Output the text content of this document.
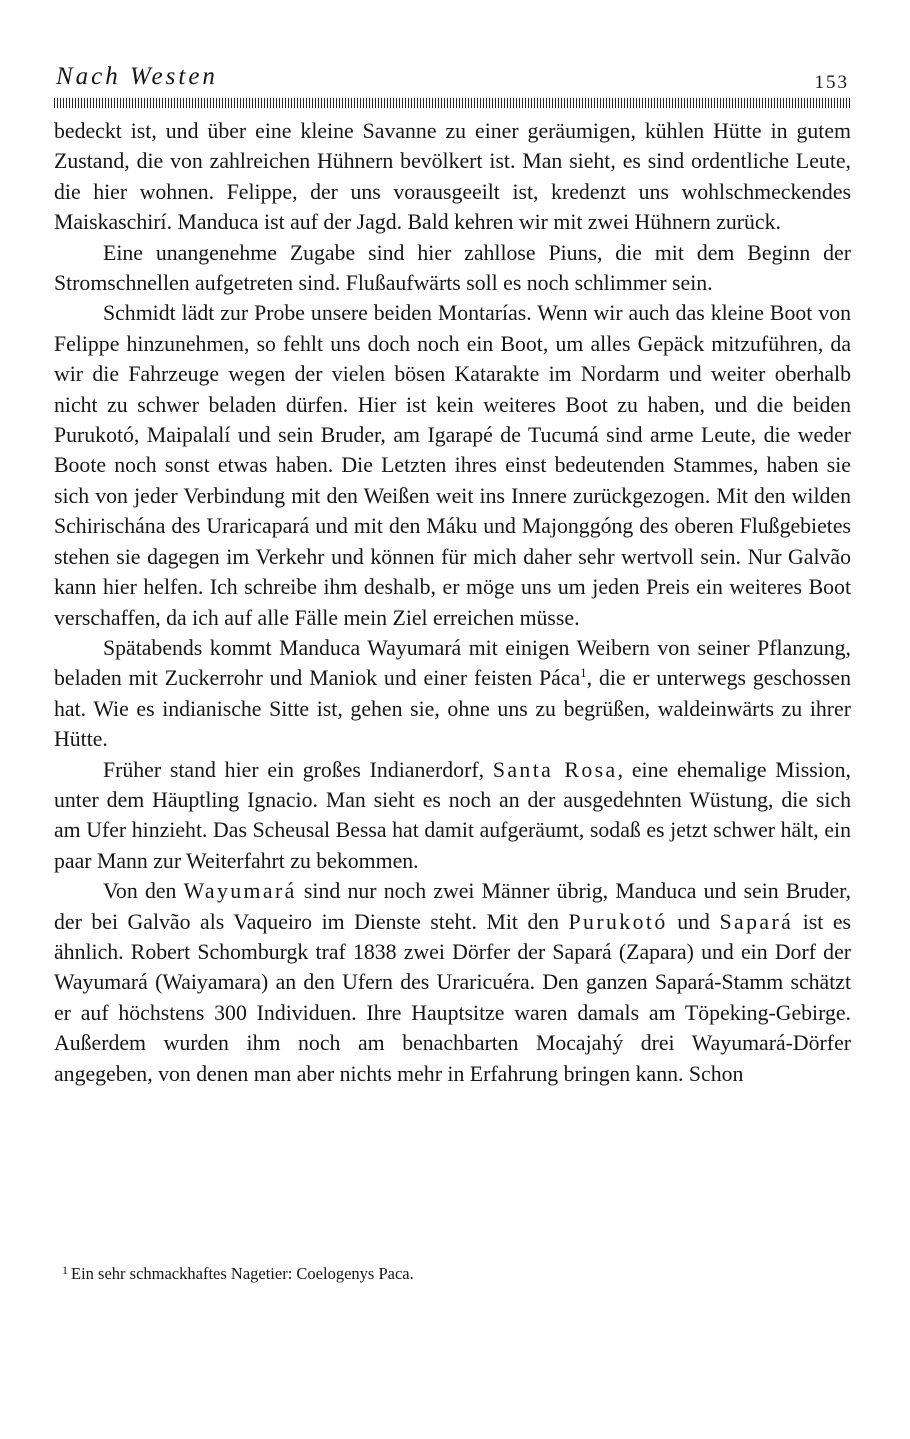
Nach Westen	153

bedeckt ist, und über eine kleine Savanne zu einer geräumigen, kühlen Hütte in gutem Zustand, die von zahlreichen Hühnern bevölkert ist. Man sieht, es sind ordentliche Leute, die hier wohnen. Felippe, der uns vorausgeeilt ist, kredenzt uns wohlschmeckendes Maiskaschirí. Manduca ist auf der Jagd. Bald kehren wir mit zwei Hühnern zurück.

Eine unangenehme Zugabe sind hier zahllose Piuns, die mit dem Beginn der Stromschnellen aufgetreten sind. Flußaufwärts soll es noch schlimmer sein.

Schmidt lädt zur Probe unsere beiden Montarías. Wenn wir auch das kleine Boot von Felippe hinzunehmen, so fehlt uns doch noch ein Boot, um alles Gepäck mitzuführen, da wir die Fahrzeuge wegen der vielen bösen Katarakte im Nordarm und weiter oberhalb nicht zu schwer beladen dürfen. Hier ist kein weiteres Boot zu haben, und die beiden Purukotó, Maipalalí und sein Bruder, am Igarapé de Tucumá sind arme Leute, die weder Boote noch sonst etwas haben. Die Letzten ihres einst bedeutenden Stammes, haben sie sich von jeder Verbindung mit den Weißen weit ins Innere zurückgezogen. Mit den wilden Schirischána des Uraricapará und mit den Máku und Majonggóng des oberen Flußgebietes stehen sie dagegen im Verkehr und können für mich daher sehr wertvoll sein. Nur Galvão kann hier helfen. Ich schreibe ihm deshalb, er möge uns um jeden Preis ein weiteres Boot verschaffen, da ich auf alle Fälle mein Ziel erreichen müsse.

Spätabends kommt Manduca Wayumará mit einigen Weibern von seiner Pflanzung, beladen mit Zuckerrohr und Maniok und einer feisten Páca$^1$, die er unterwegs geschossen hat. Wie es indianische Sitte ist, gehen sie, ohne uns zu begrüßen, waldeinwärts zu ihrer Hütte.

Früher stand hier ein großes Indianerdorf, Santa Rosa, eine ehemalige Mission, unter dem Häuptling Ignacio. Man sieht es noch an der ausgedehnten Wüstung, die sich am Ufer hinzieht. Das Scheusal Bessa hat damit aufgeräumt, sodaß es jetzt schwer hält, ein paar Mann zur Weiterfahrt zu bekommen.

Von den Wayumará sind nur noch zwei Männer übrig, Manduca und sein Bruder, der bei Galvão als Vaqueiro im Dienste steht. Mit den Purukotó und Sapará ist es ähnlich. Robert Schomburgk traf 1838 zwei Dörfer der Sapará (Zapara) und ein Dorf der Wayumará (Waiyamara) an den Ufern des Uraricuéra. Den ganzen Sapará-Stamm schätzt er auf höchstens 300 Individuen. Ihre Hauptsitze waren damals am Töpeking-Gebirge. Außerdem wurden ihm noch am benachbarten Mocajahý drei Wayumará-Dörfer angegeben, von denen man aber nichts mehr in Erfahrung bringen kann. Schon

$^1$ Ein sehr schmackhaftes Nagetier: Coelogenys Paca.
